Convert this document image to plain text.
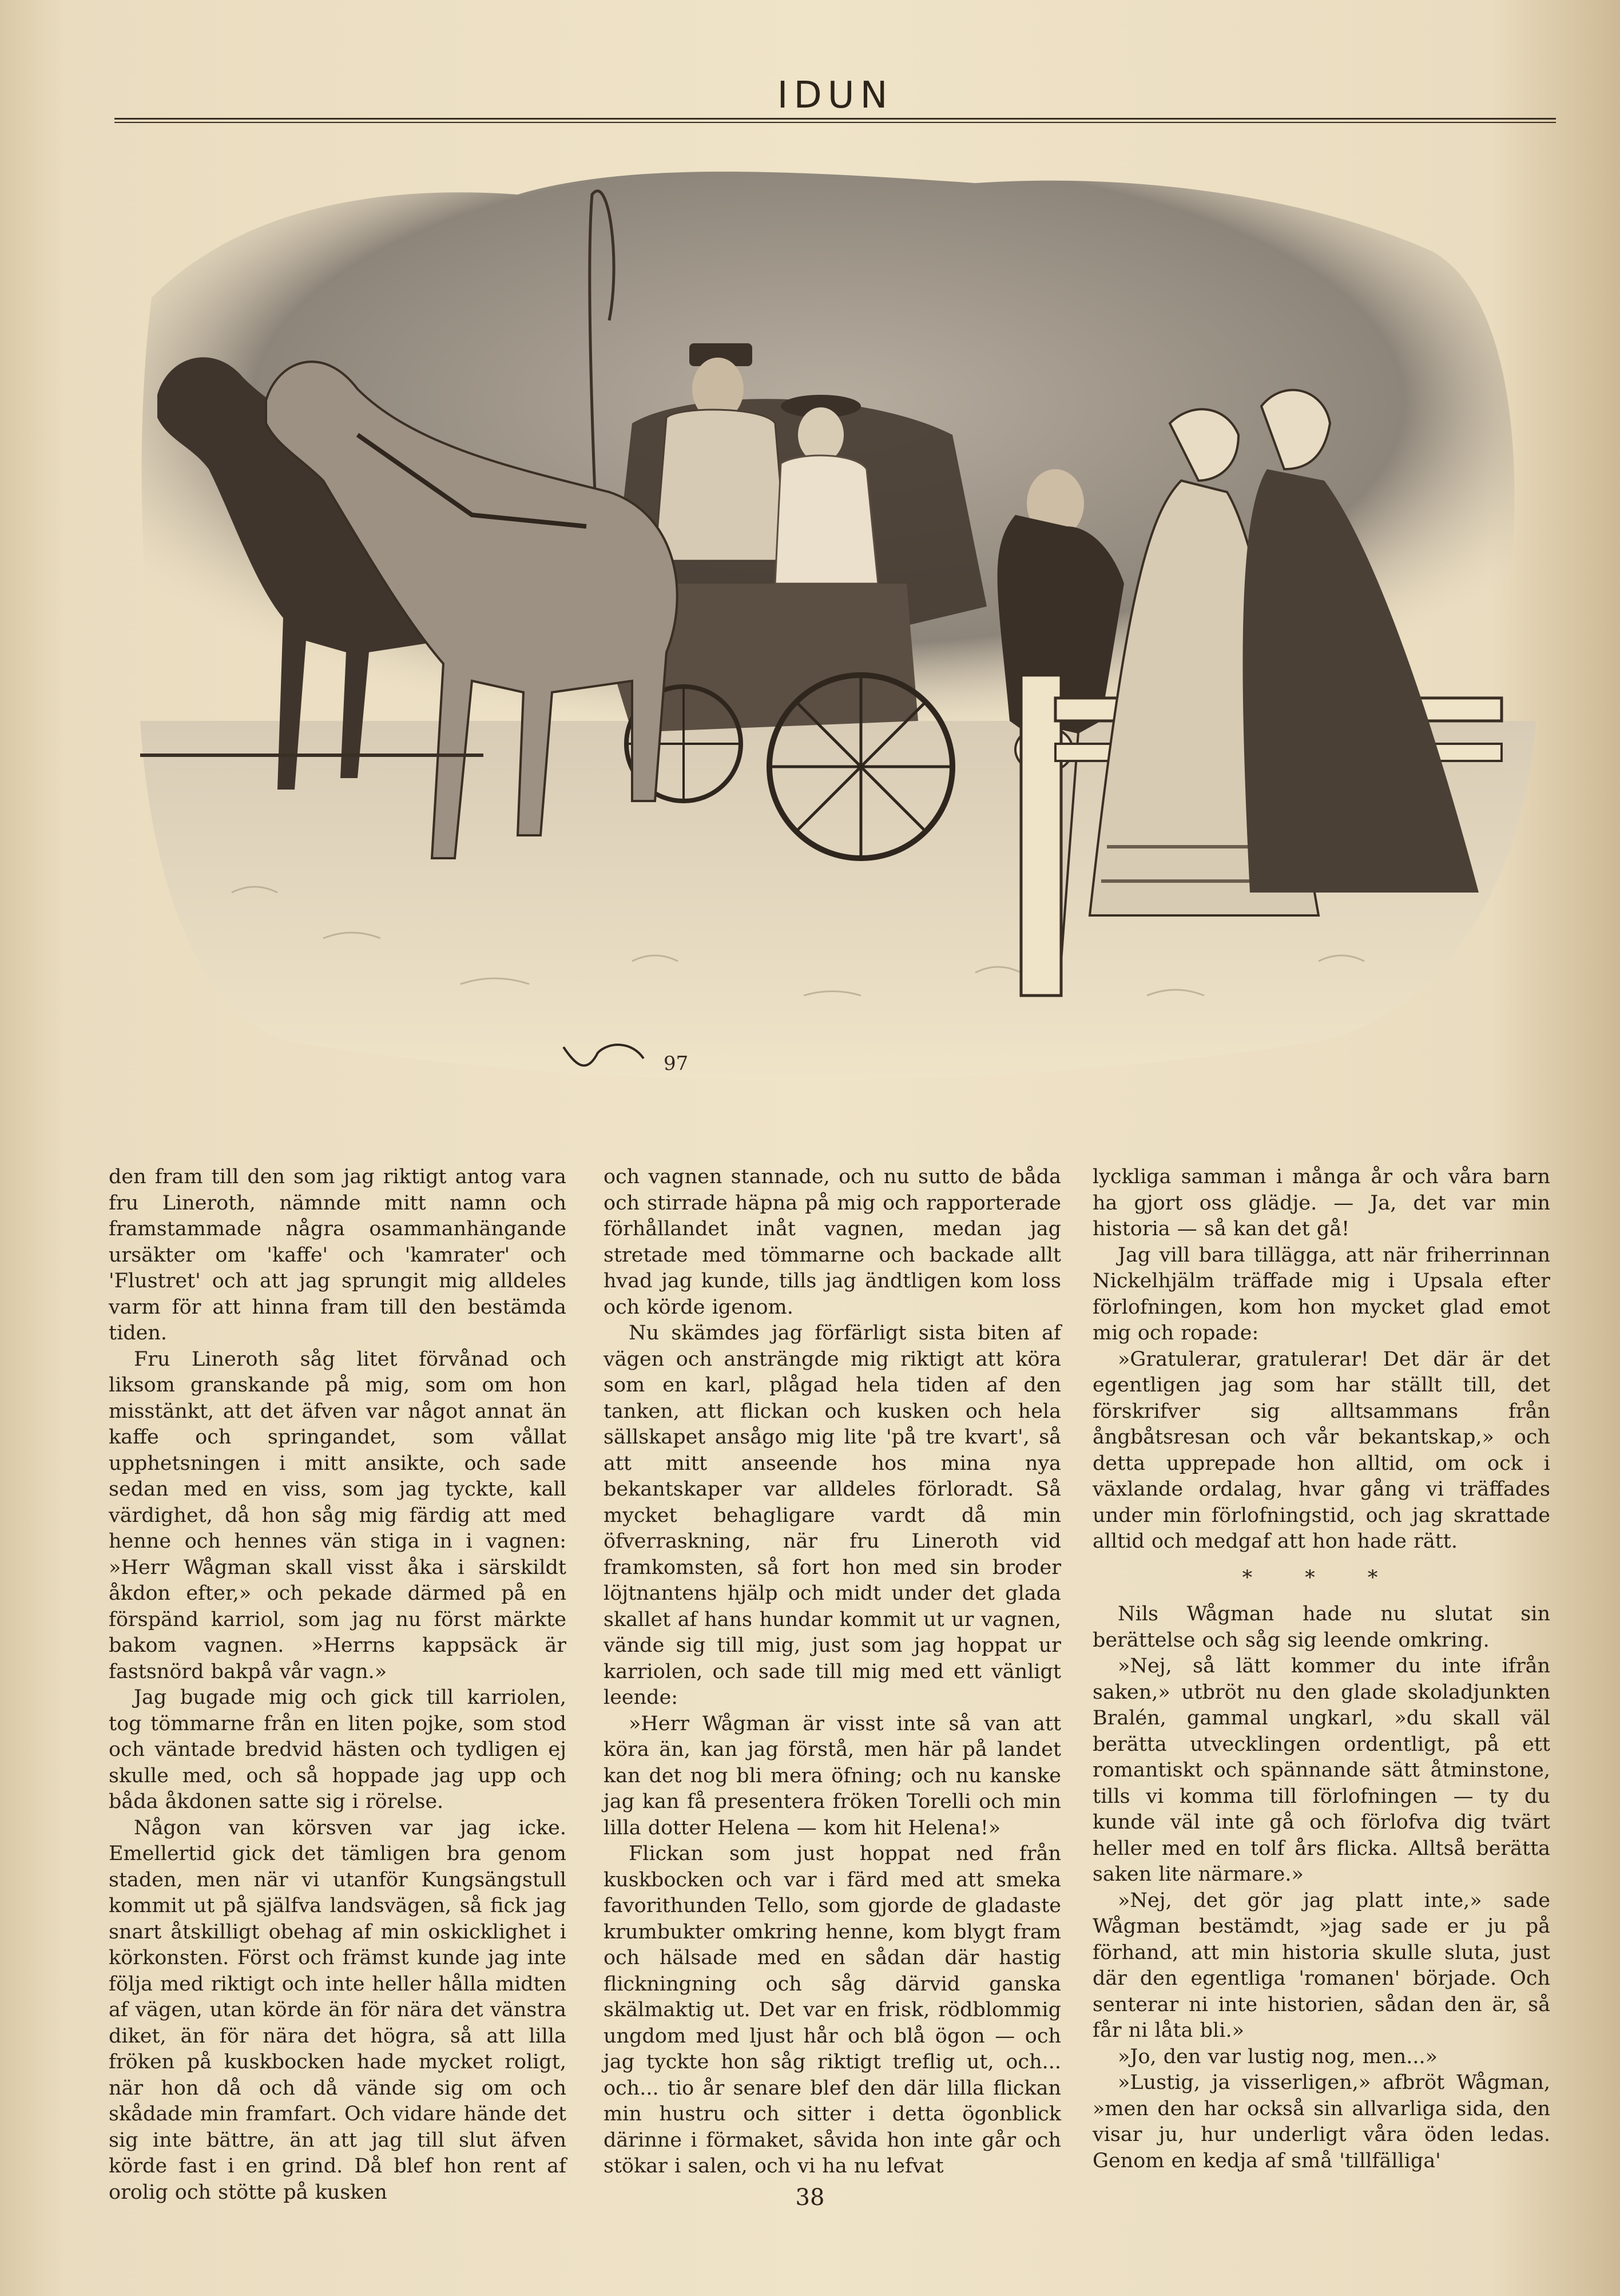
IDUN
97

den fram till den som jag riktigt antog vara fru Lineroth, nämnde mitt namn och framstammade några osammanhängande ursäkter om 'kaffe' och 'kamrater' och 'Flustret' och att jag sprungit mig alldeles varm för att hinna fram till den bestämda tiden.

Fru Lineroth såg litet förvånad och liksom granskande på mig, som om hon misstänkt, att det äfven var något annat än kaffe och springandet, som vållat upphetsningen i mitt ansikte, och sade sedan med en viss, som jag tyckte, kall värdighet, då hon såg mig färdig att med henne och hennes vän stiga in i vagnen: »Herr Wågman skall visst åka i särskildt åkdon efter,» och pekade därmed på en förspänd karriol, som jag nu först märkte bakom vagnen. »Herrns kappsäck är fastsnörd bakpå vår vagn.»

Jag bugade mig och gick till karriolen, tog tömmarne från en liten pojke, som stod och väntade bredvid hästen och tydligen ej skulle med, och så hoppade jag upp och båda åkdonen satte sig i rörelse.

Någon van körsven var jag icke. Emellertid gick det tämligen bra genom staden, men när vi utanför Kungsängstull kommit ut på själfva landsvägen, så fick jag snart åtskilligt obehag af min oskicklighet i körkonsten. Först och främst kunde jag inte följa med riktigt och inte heller hålla midten af vägen, utan körde än för nära det vänstra diket, än för nära det högra, så att lilla fröken på kuskbocken hade mycket roligt, när hon då och då vände sig om och skådade min framfart. Och vidare hände det sig inte bättre, än att jag till slut äfven körde fast i en grind. Då blef hon rent af orolig och stötte på kusken

och vagnen stannade, och nu sutto de båda och stirrade häpna på mig och rapporterade förhållandet inåt vagnen, medan jag stretade med tömmarne och backade allt hvad jag kunde, tills jag ändtligen kom loss och körde igenom.

Nu skämdes jag förfärligt sista biten af vägen och ansträngde mig riktigt att köra som en karl, plågad hela tiden af den tanken, att flickan och kusken och hela sällskapet ansågo mig lite 'på tre kvart', så att mitt anseende hos mina nya bekantskaper var alldeles förloradt. Så mycket behagligare vardt då min öfverraskning, när fru Lineroth vid framkomsten, så fort hon med sin broder löjtnantens hjälp och midt under det glada skallet af hans hundar kommit ut ur vagnen, vände sig till mig, just som jag hoppat ur karriolen, och sade till mig med ett vänligt leende:

»Herr Wågman är visst inte så van att köra än, kan jag förstå, men här på landet kan det nog bli mera öfning; och nu kanske jag kan få presentera fröken Torelli och min lilla dotter Helena — kom hit Helena!»

Flickan som just hoppat ned från kuskbocken och var i färd med att smeka favorithunden Tello, som gjorde de gladaste krumbukter omkring henne, kom blygt fram och hälsade med en sådan där hastig flickningning och såg därvid ganska skälmaktig ut. Det var en frisk, rödblommig ungdom med ljust hår och blå ögon — och jag tyckte hon såg riktigt treflig ut, och... och... tio år senare blef den där lilla flickan min hustru och sitter i detta ögonblick därinne i förmaket, såvida hon inte går och stökar i salen, och vi ha nu lefvat

lyckliga samman i många år och våra barn ha gjort oss glädje. — Ja, det var min historia — så kan det gå!

Jag vill bara tillägga, att när friherrinnan Nickelhjälm träffade mig i Upsala efter förlofningen, kom hon mycket glad emot mig och ropade:

»Gratulerar, gratulerar! Det där är det egentligen jag som har ställt till, det förskrifver sig alltsammans från ångbåtsresan och vår bekantskap,» och detta upprepade hon alltid, om ock i växlande ordalag, hvar gång vi träffades under min förlofningstid, och jag skrattade alltid och medgaf att hon hade rätt.

* * *

Nils Wågman hade nu slutat sin berättelse och såg sig leende omkring.

»Nej, så lätt kommer du inte ifrån saken,» utbröt nu den glade skoladjunkten Bralén, gammal ungkarl, »du skall väl berätta utvecklingen ordentligt, på ett romantiskt och spännande sätt åtminstone, tills vi komma till förlofningen — ty du kunde väl inte gå och förlofva dig tvärt heller med en tolf års flicka. Alltså berätta saken lite närmare.»

»Nej, det gör jag platt inte,» sade Wågman bestämdt, »jag sade er ju på förhand, att min historia skulle sluta, just där den egentliga 'romanen' började. Och senterar ni inte historien, sådan den är, så får ni låta bli.»

»Jo, den var lustig nog, men...»

»Lustig, ja visserligen,» afbröt Wågman, »men den har också sin allvarliga sida, den visar ju, hur underligt våra öden ledas. Genom en kedja af små 'tillfälliga'

38
